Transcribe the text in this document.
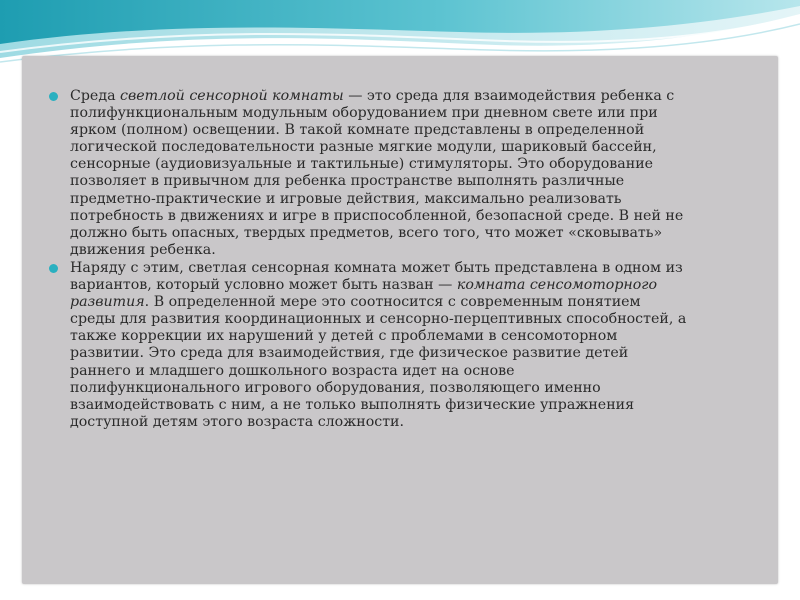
Среда светлой сенсорной комнаты — это среда для взаимодействия ребенка с полифункциональным модульным оборудованием при дневном свете или при ярком (полном) освещении. В такой комнате представлены в определенной логической последовательности разные мягкие модули, шариковый бассейн, сенсорные (аудиовизуальные и тактильные) стимуляторы. Это оборудование позволяет в привычном для ребенка пространстве выполнять различные предметно-практические и игровые действия, максимально реализовать потребность в движениях и игре в приспособленной, безопасной среде. В ней не должно быть опасных, твердых предметов, всего того, что может «сковывать» движения ребенка.

Наряду с этим, светлая сенсорная комната может быть представлена в одном из вариантов, который условно может быть назван — комната сенсомоторного развития. В определенной мере это соотносится с современным понятием среды для развития координационных и сенсорно-перцептивных способностей, а также коррекции их нарушений у детей с проблемами в сенсомоторном развитии. Это среда для взаимодействия, где физическое развитие детей раннего и младшего дошкольного возраста идет на основе полифункционального игрового оборудования, позволяющего именно взаимодействовать с ним, а не только выполнять физические упражнения доступной детям этого возраста сложности.
